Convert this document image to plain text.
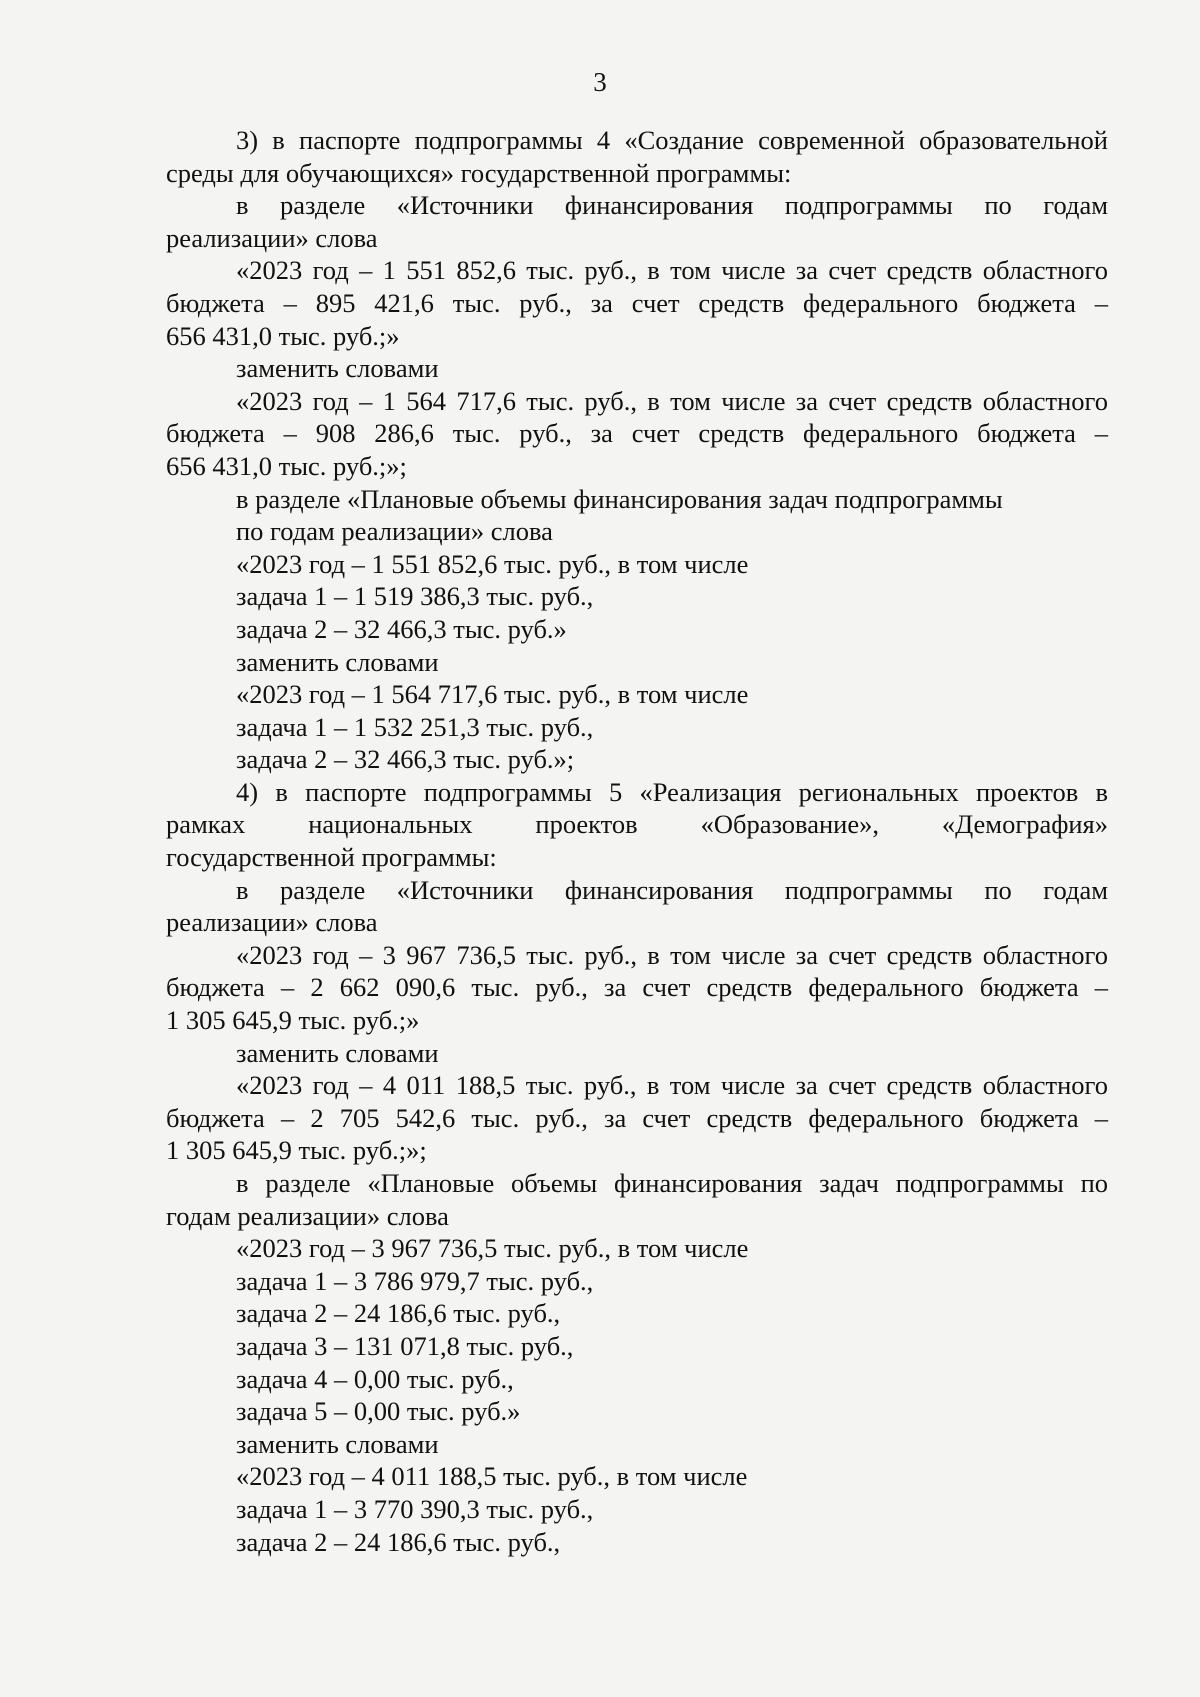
3
3) в паспорте подпрограммы 4 «Создание современной образовательной
среды для обучающихся» государственной программы:
в разделе «Источники финансирования подпрограммы по годам
реализации» слова
«2023 год – 1 551 852,6 тыс. руб., в том числе за счет средств областного
бюджета – 895 421,6 тыс. руб., за счет средств федерального бюджета –
656 431,0 тыс. руб.;»
заменить словами
«2023 год – 1 564 717,6 тыс. руб., в том числе за счет средств областного
бюджета – 908 286,6 тыс. руб., за счет средств федерального бюджета –
656 431,0 тыс. руб.;»;
в разделе «Плановые объемы финансирования задач подпрограммы
по годам реализации» слова
«2023 год – 1 551 852,6 тыс. руб., в том числе
задача 1 – 1 519 386,3 тыс. руб.,
задача 2 – 32 466,3 тыс. руб.»
заменить словами
«2023 год – 1 564 717,6 тыс. руб., в том числе
задача 1 – 1 532 251,3 тыс. руб.,
задача 2 – 32 466,3 тыс. руб.»;
4) в паспорте подпрограммы 5 «Реализация региональных проектов в
рамках национальных проектов «Образование», «Демография»
государственной программы:
в разделе «Источники финансирования подпрограммы по годам
реализации» слова
«2023 год – 3 967 736,5 тыс. руб., в том числе за счет средств областного
бюджета – 2 662 090,6 тыс. руб., за счет средств федерального бюджета –
1 305 645,9 тыс. руб.;»
заменить словами
«2023 год – 4 011 188,5 тыс. руб., в том числе за счет средств областного
бюджета – 2 705 542,6 тыс. руб., за счет средств федерального бюджета –
1 305 645,9 тыс. руб.;»;
в разделе «Плановые объемы финансирования задач подпрограммы по
годам реализации» слова
«2023 год – 3 967 736,5 тыс. руб., в том числе
задача 1 – 3 786 979,7 тыс. руб.,
задача 2 – 24 186,6 тыс. руб.,
задача 3 – 131 071,8 тыс. руб.,
задача 4 – 0,00 тыс. руб.,
задача 5 – 0,00 тыс. руб.»
заменить словами
«2023 год – 4 011 188,5 тыс. руб., в том числе
задача 1 – 3 770 390,3 тыс. руб.,
задача 2 – 24 186,6 тыс. руб.,
